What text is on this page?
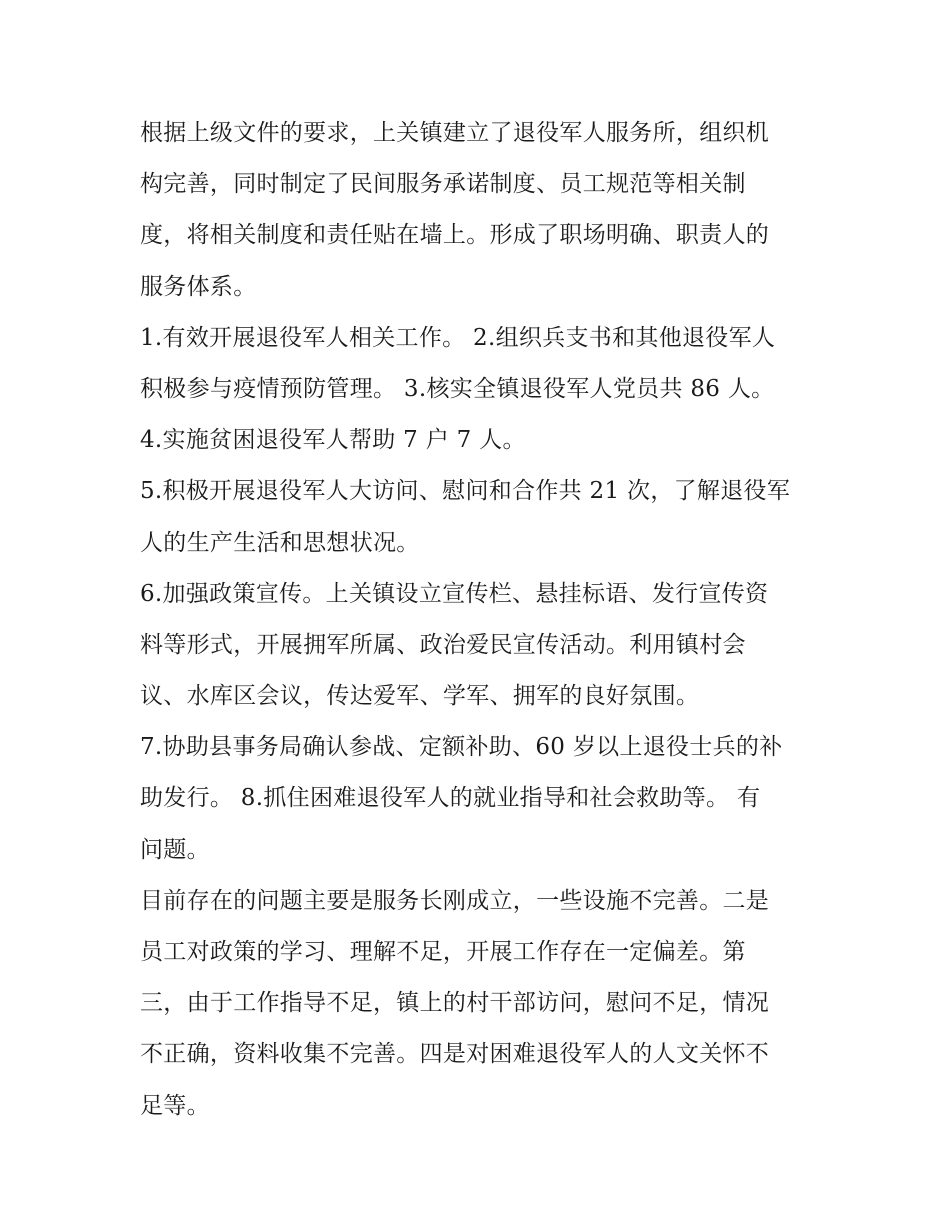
根据上级文件的要求，上关镇建立了退役军人服务所，组织机
构完善，同时制定了民间服务承诺制度、员工规范等相关制
度，将相关制度和责任贴在墙上。形成了职场明确、职责人的
服务体系。
1.有效开展退役军人相关工作。 2.组织兵支书和其他退役军人
积极参与疫情预防管理。 3.核实全镇退役军人党员共 86 人。
4.实施贫困退役军人帮助 7 户 7 人。
5.积极开展退役军人大访问、慰问和合作共 21 次，了解退役军
人的生产生活和思想状况。
6.加强政策宣传。上关镇设立宣传栏、悬挂标语、发行宣传资
料等形式，开展拥军所属、政治爱民宣传活动。利用镇村会
议、水库区会议，传达爱军、学军、拥军的良好氛围。
7.协助县事务局确认参战、定额补助、60 岁以上退役士兵的补
助发行。 8.抓住困难退役军人的就业指导和社会救助等。 有
问题。
目前存在的问题主要是服务长刚成立，一些设施不完善。二是
员工对政策的学习、理解不足，开展工作存在一定偏差。第
三，由于工作指导不足，镇上的村干部访问，慰问不足，情况
不正确，资料收集不完善。四是对困难退役军人的人文关怀不
足等。
